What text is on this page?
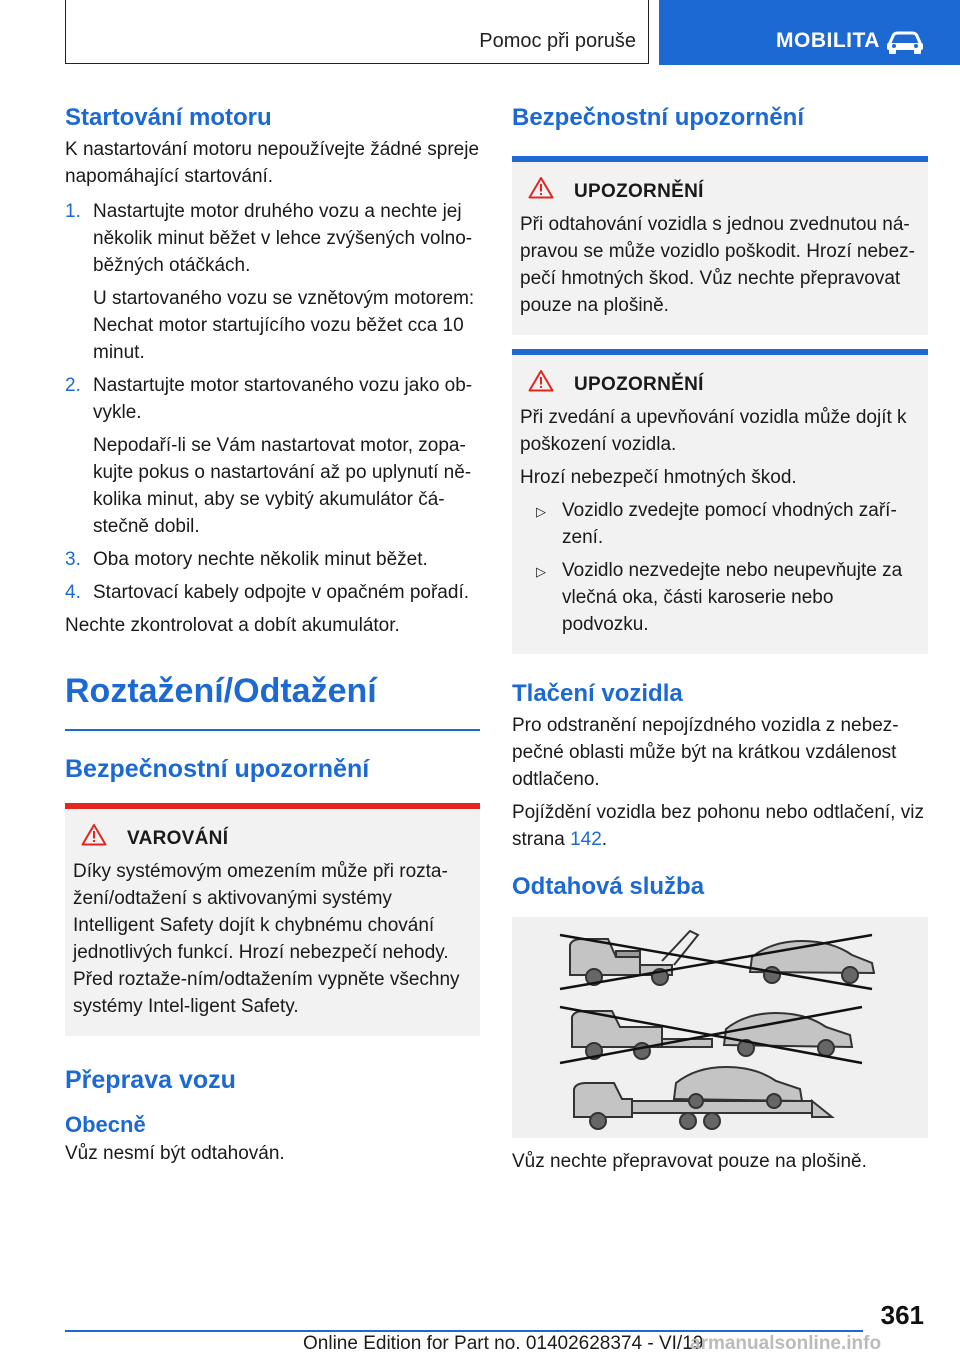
Pomoc při poruše	MOBILITA
Startování motoru

K nastartování motoru nepoužívejte žádné spreje napomáhající startování.

1. Nastartujte motor druhého vozu a nechte jej několik minut běžet v lehce zvýšených volno-běžných otáčkách.

U startovaného vozu se vznětovým motorem: Nechat motor startujícího vozu běžet cca 10 minut.

2. Nastartujte motor startovaného vozu jako ob-vykle.

Nepodaří-li se Vám nastartovat motor, zopa-kujte pokus o nastartování až po uplynutí ně-kolika minut, aby se vybitý akumulátor čá-stečně dobil.

3. Oba motory nechte několik minut běžet.

4. Startovací kabely odpojte v opačném pořadí.

Nechte zkontrolovat a dobít akumulátor.

Roztažení/Odtažení
Bezpečnostní upozornění
VAROVÁNÍ

Díky systémovým omezením může při rozta-žení/odtažení s aktivovanými systémy Intelligent Safety dojít k chybnému chování jednotlivých funkcí. Hrozí nebezpečí nehody. Před roztaže-ním/odtažením vypněte všechny systémy Intel-ligent Safety.

Přeprava vozu
Obecně

Vůz nesmí být odtahován.

Bezpečnostní upozornění
UPOZORNĚNÍ

Při odtahování vozidla s jednou zvednutou ná-pravou se může vozidlo poškodit. Hrozí nebez-pečí hmotných škod. Vůz nechte přepravovat pouze na plošině.

UPOZORNĚNÍ

Při zvedání a upevňování vozidla může dojít k poškození vozidla.

Hrozí nebezpečí hmotných škod.

▷ Vozidlo zvedejte pomocí vhodných zaří-zení.
▷ Vozidlo nezvedejte nebo neupevňujte za vlečná oka, části karoserie nebo podvozku.
Tlačení vozidla

Pro odstranění nepojízdného vozidla z nebez-pečné oblasti může být na krátkou vzdálenost odtlačeno.

Pojíždění vozidla bez pohonu nebo odtlačení, viz strana 142.

Odtahová služba

Vůz nechte přepravovat pouze na plošině.

361
Online Edition for Part no. 01402628374 - VI/19
armanualsonline.info
